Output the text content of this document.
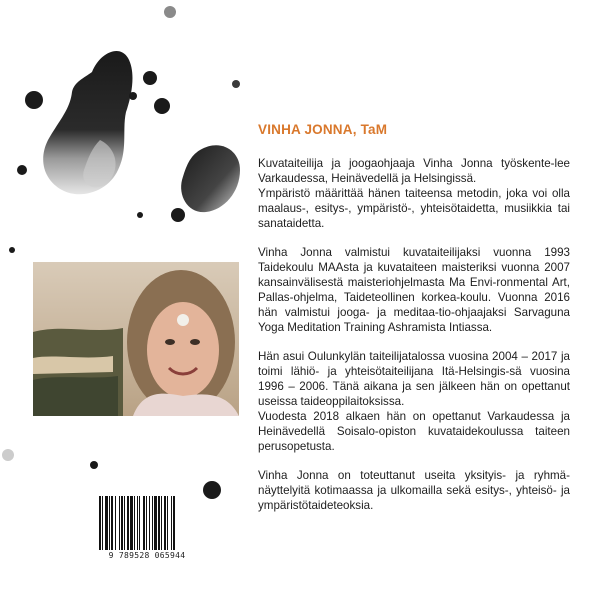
VINHA JONNA, TaM

Kuvataiteilija ja joogaohjaaja Vinha Jonna työskente-lee Varkaudessa, Heinävedellä ja Helsingissä.

Ympäristö määrittää hänen taiteensa metodin, joka voi olla maalaus-, esitys-, ympäristö-, yhteisötaidetta, musiikkia tai sanataidetta.

Vinha Jonna valmistui kuvataiteilijaksi vuonna 1993 Taidekoulu MAAsta ja kuvataiteen maisteriksi vuonna 2007 kansainvälisestä maisteriohjelmasta Ma Envi-ronmental Art, Pallas-ohjelma, Taideteollinen korkea-koulu. Vuonna 2016 hän valmistui jooga- ja meditaa-tio-ohjaajaksi Sarvaguna Yoga Meditation Training Ashramista Intiassa.

Hän asui Oulunkylän taiteilijatalossa vuosina 2004 – 2017 ja toimi lähiö- ja yhteisötaiteilijana Itä-Helsingis-sä vuosina 1996 – 2006. Tänä aikana ja sen jälkeen hän on opettanut useissa taideoppilaitoksissa.

Vuodesta 2018 alkaen hän on opettanut Varkaudessa ja Heinävedellä Soisalo-opiston kuvataidekoulussa taiteen perusopetusta.

Vinha Jonna on toteuttanut useita yksityis- ja ryhmä-näyttelyitä kotimaassa ja ulkomailla sekä esitys-, yhteisö- ja ympäristötaideteoksia.

9 789528 065944
